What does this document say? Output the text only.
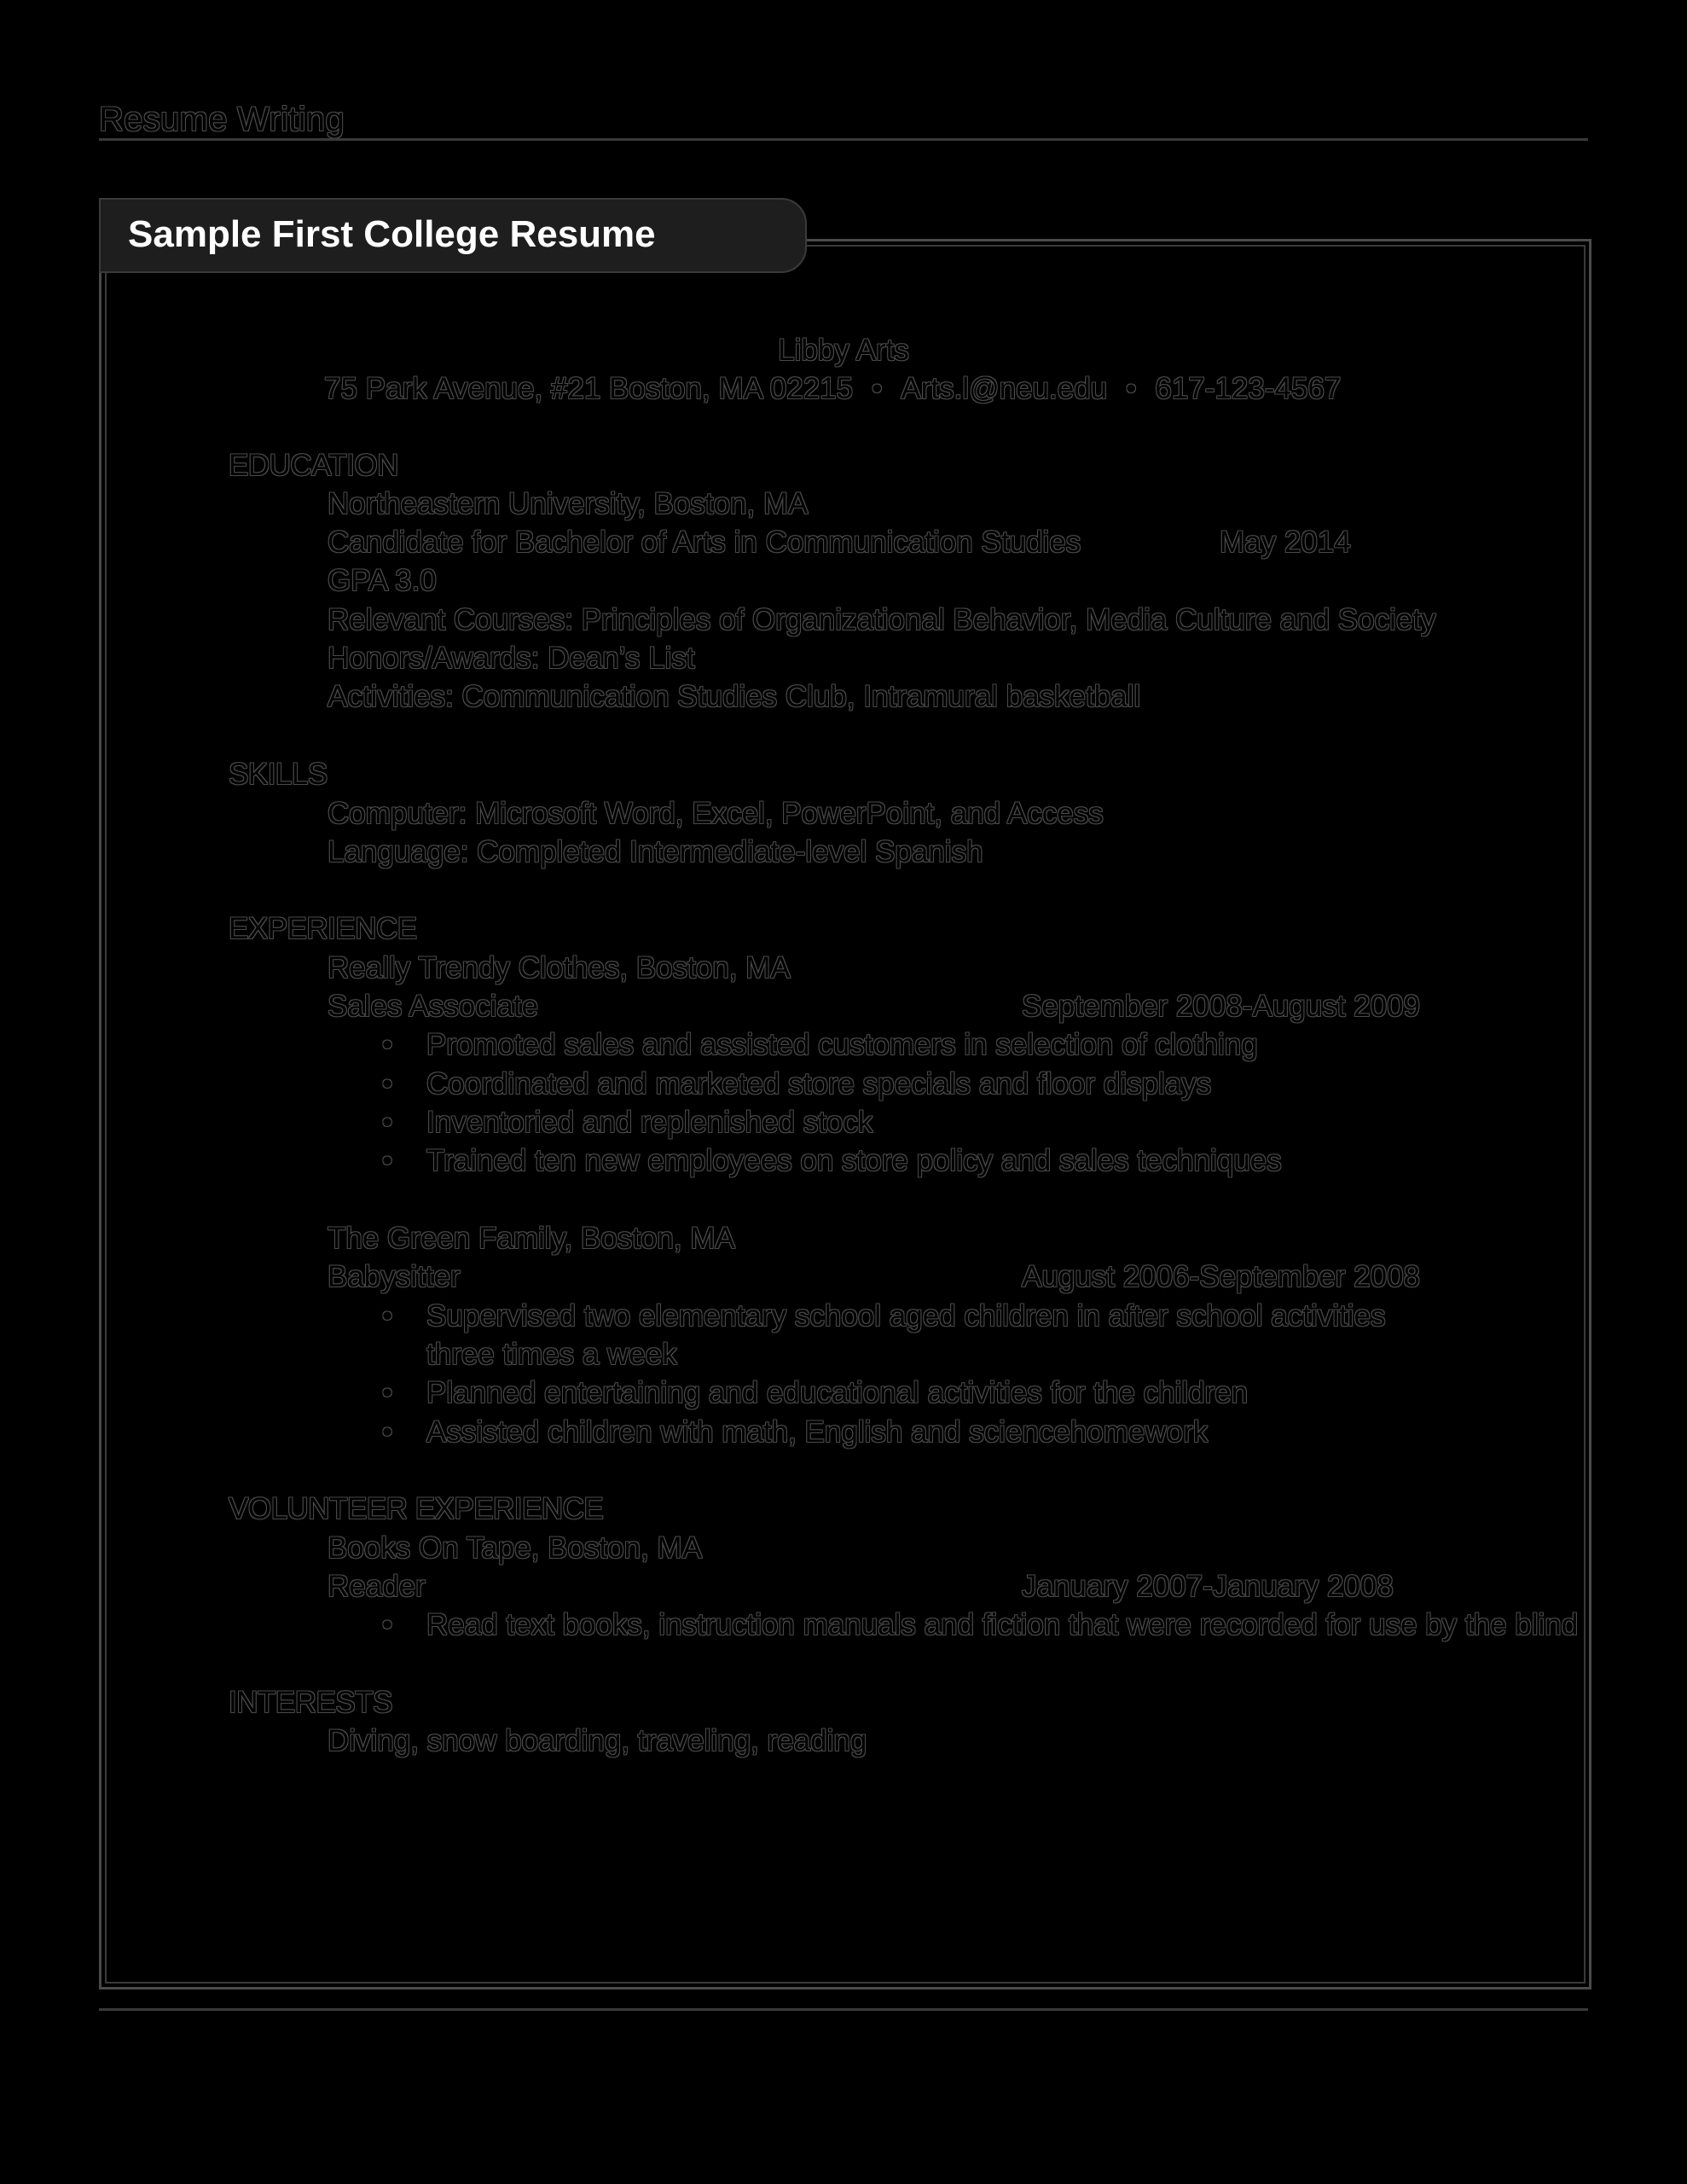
Resume Writing
Sample First College Resume
Libby Arts
75 Park Avenue, #21 Boston, MA 02215 • Arts.l@neu.edu • 617-123-4567
EDUCATION
Northeastern University, Boston, MA
Candidate for Bachelor of Arts in Communication Studies	May 2014
GPA 3.0
Relevant Courses: Principles of Organizational Behavior, Media Culture and Society
Honors/Awards: Dean’s List
Activities: Communication Studies Club, Intramural basketball
SKILLS
Computer: Microsoft Word, Excel, PowerPoint, and Access
Language: Completed Intermediate-level Spanish
EXPERIENCE
Really Trendy Clothes, Boston, MA
Sales Associate	September 2008-August 2009
• Promoted sales and assisted customers in selection of clothing
• Coordinated and marketed store specials and floor displays
• Inventoried and replenished stock
• Trained ten new employees on store policy and sales techniques
The Green Family, Boston, MA
Babysitter	August 2006-September 2008
• Supervised two elementary school aged children in after school activities
three times a week
• Planned entertaining and educational activities for the children
• Assisted children with math, English and sciencehomework
VOLUNTEER EXPERIENCE
Books On Tape, Boston, MA
Reader	January 2007-January 2008
• Read text books, instruction manuals and fiction that were recorded for use by the blind
INTERESTS
Diving, snow boarding, traveling, reading
